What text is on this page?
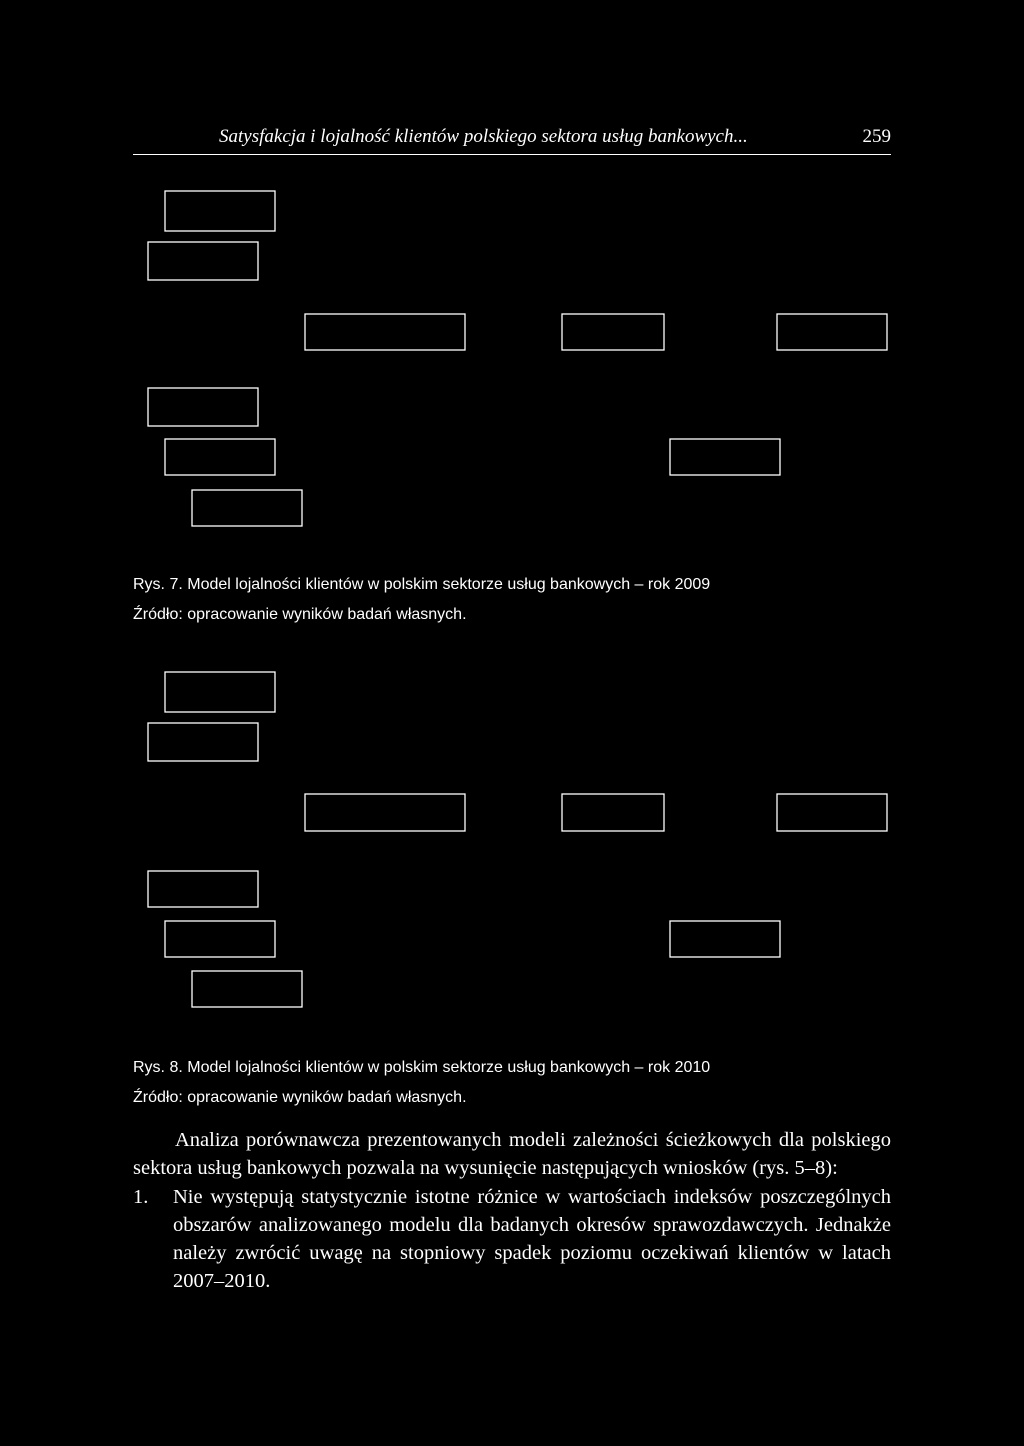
Satysfakcja i lojalność klientów polskiego sektora usług bankowych...	259
Rys. 7. Model lojalności klientów w polskim sektorze usług bankowych – rok 2009
Źródło: opracowanie wyników badań własnych.
Rys. 8. Model lojalności klientów w polskim sektorze usług bankowych – rok 2010
Źródło: opracowanie wyników badań własnych.

Analiza porównawcza prezentowanych modeli zależności ścieżkowych dla polskiego sektora usług bankowych pozwala na wysunięcie następujących wniosków (rys. 5–8):

1. Nie występują statystycznie istotne różnice w wartościach indeksów poszczególnych obszarów analizowanego modelu dla badanych okresów sprawozdawczych. Jednakże należy zwrócić uwagę na stopniowy spadek poziomu oczekiwań klientów w latach 2007–2010.
